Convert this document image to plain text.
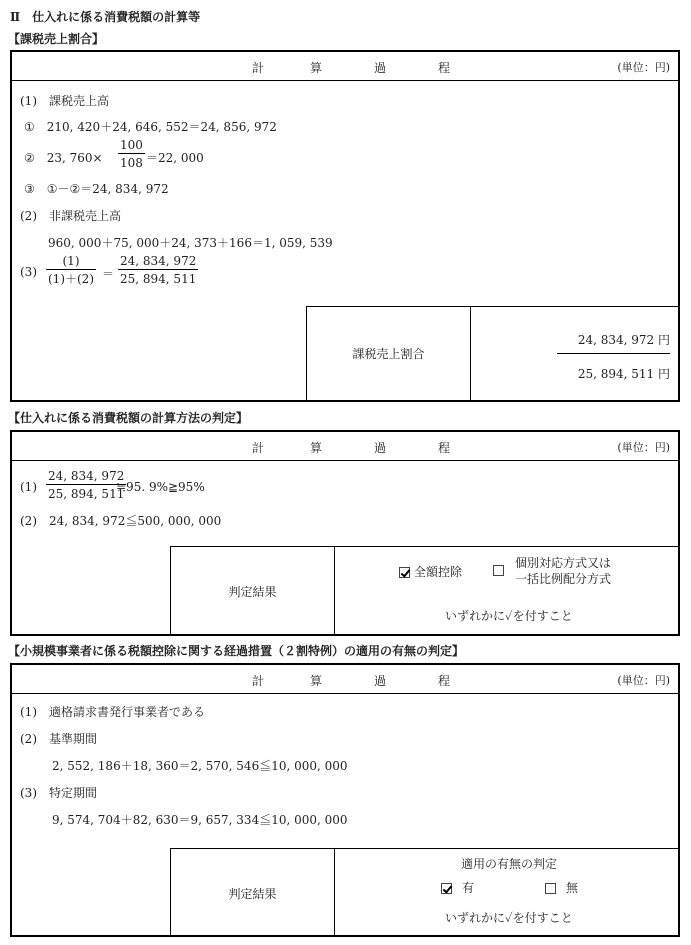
Ⅱ　仕入れに係る消費税額の計算等
【課税売上割合】
計	算	過	程	(単位：円)
(1)　課税売上高
①　210, 420＋24, 646, 552＝24, 856, 972
②　23, $760\times \frac{100}{108} =22$, 000
③　①－②＝24, 834, 972
(2)　非課税売上高
960, 000＋75, 000＋24, 373＋166＝1, 059, 539
$(3) \frac{(1)}{(1)+(2)} = \frac{24, 834, 972}{25, 894, 511}$
課税売上割合
24, 834, 972 円
25, 894, 511 円
【仕入れに係る消費税額の計算方法の判定】
計	算	過	程	(単位：円)
$(1) \frac{24, 834, 972}{25, 894, 511}$
≒95. 9%≧95%
(2)　24, 834, 972≦500, 000, 000
判定結果
全額控除
個別対応方式又は
一括比例配分方式
いずれかに✓を付すこと
【小規模事業者に係る税額控除に関する経過措置（２割特例）の適用の有無の判定】
計	算	過	程	(単位：円)
(1)　適格請求書発行事業者である
(2)　基準期間
2, 552, 186＋18, 360＝2, 570, 546≦10, 000, 000
(3)　特定期間
9, 574, 704＋82, 630＝9, 657, 334≦10, 000, 000
判定結果
適用の有無の判定
有	無
いずれかに✓を付すこと
